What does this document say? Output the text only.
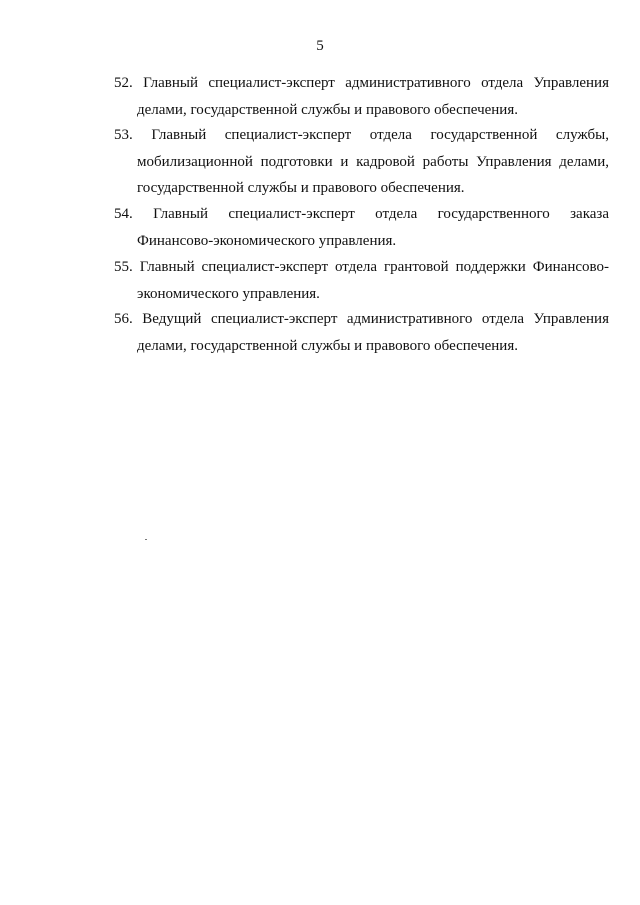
5
52. Главный специалист-эксперт административного отдела Управления
делами, государственной службы и правового обеспечения.
53. Главный специалист-эксперт отдела государственной службы,
мобилизационной подготовки и кадровой работы Управления делами,
государственной службы и правового обеспечения.
54. Главный специалист-эксперт отдела государственного заказа
Финансово-экономического управления.
55. Главный специалист-эксперт отдела грантовой поддержки Финансово-
экономического управления.
56. Ведущий специалист-эксперт административного отдела Управления
делами, государственной службы и правового обеспечения.
